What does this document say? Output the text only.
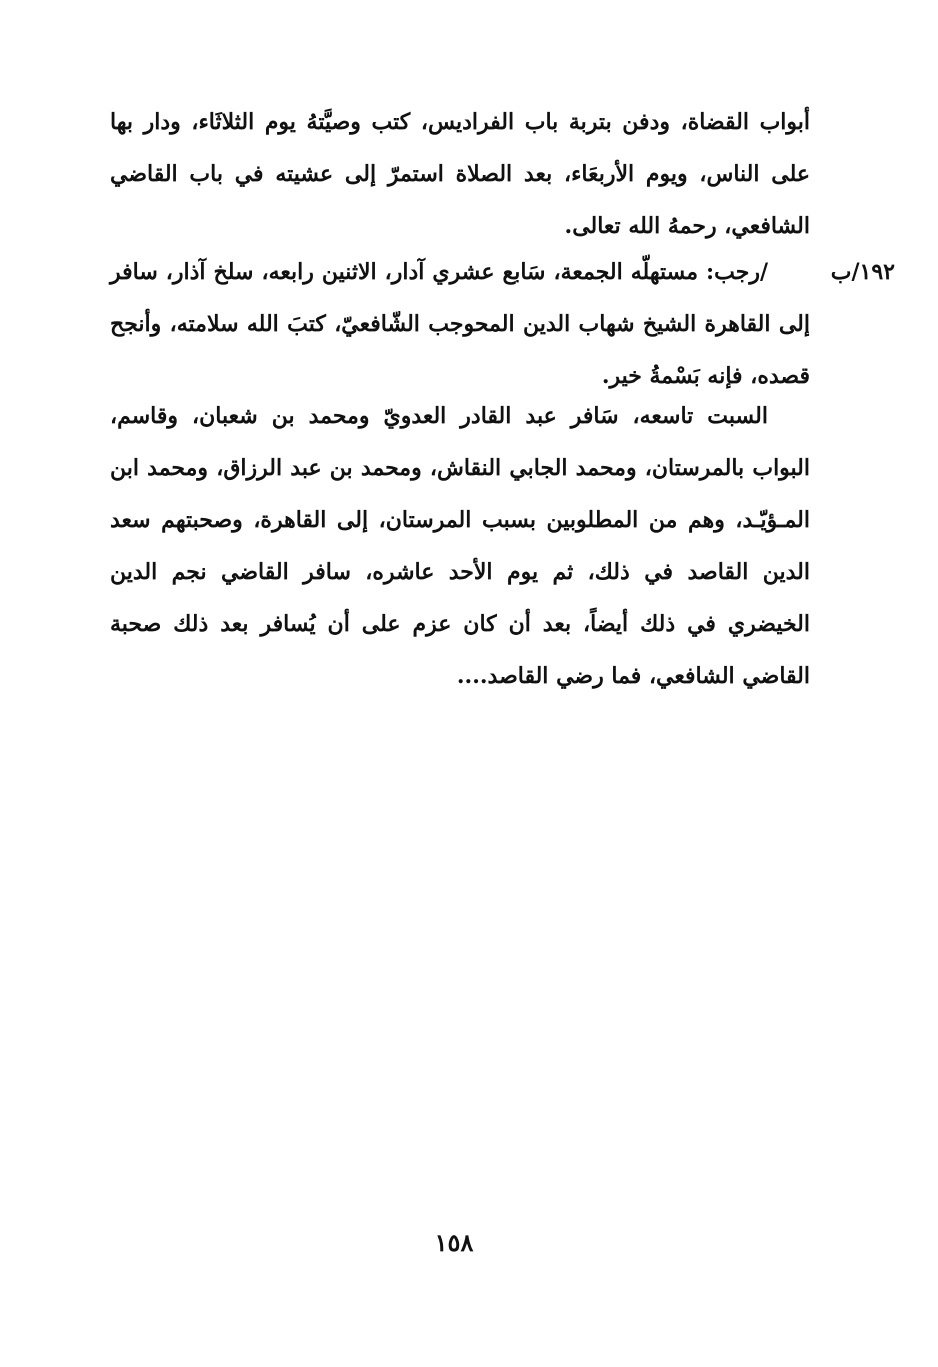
أبواب القضاة، ودفن بتربة باب الفراديس، كتب وصيَّتهُ يوم الثلاثَاء، ودار بها على الناس، ويوم الأربعَاء، بعد الصلاة استمرّ إلى عشيته في باب القاضي الشافعي، رحمهُ الله تعالى.
١٩٢/ب
/رجب: مستهلّه الجمعة، سَابع عشري آدار، الاثنين رابعه، سلخ آذار، سافر إلى القاهرة الشيخ شهاب الدين المحوجب الشّافعيّ، كتبَ الله سلامته، وأنجح قصده، فإنه بَسْمةُ خير.
السبت تاسعه، سَافر عبد القادر العدويّ ومحمد بن شعبان، وقاسم، البواب بالمرستان، ومحمد الجابي النقاش، ومحمد بن عبد الرزاق، ومحمد ابن المـؤيّـد، وهم من المطلوبين بسبب المرستان، إلى القاهرة، وصحبتهم سعد الدين القاصد في ذلك، ثم يوم الأحد عاشره، سافر القاضي نجم الدين الخيضري في ذلك أيضاً، بعد أن كان عزم على أن يُسافر بعد ذلك صحبة القاضي الشافعي، فما رضي القاصد....
١٥٨
